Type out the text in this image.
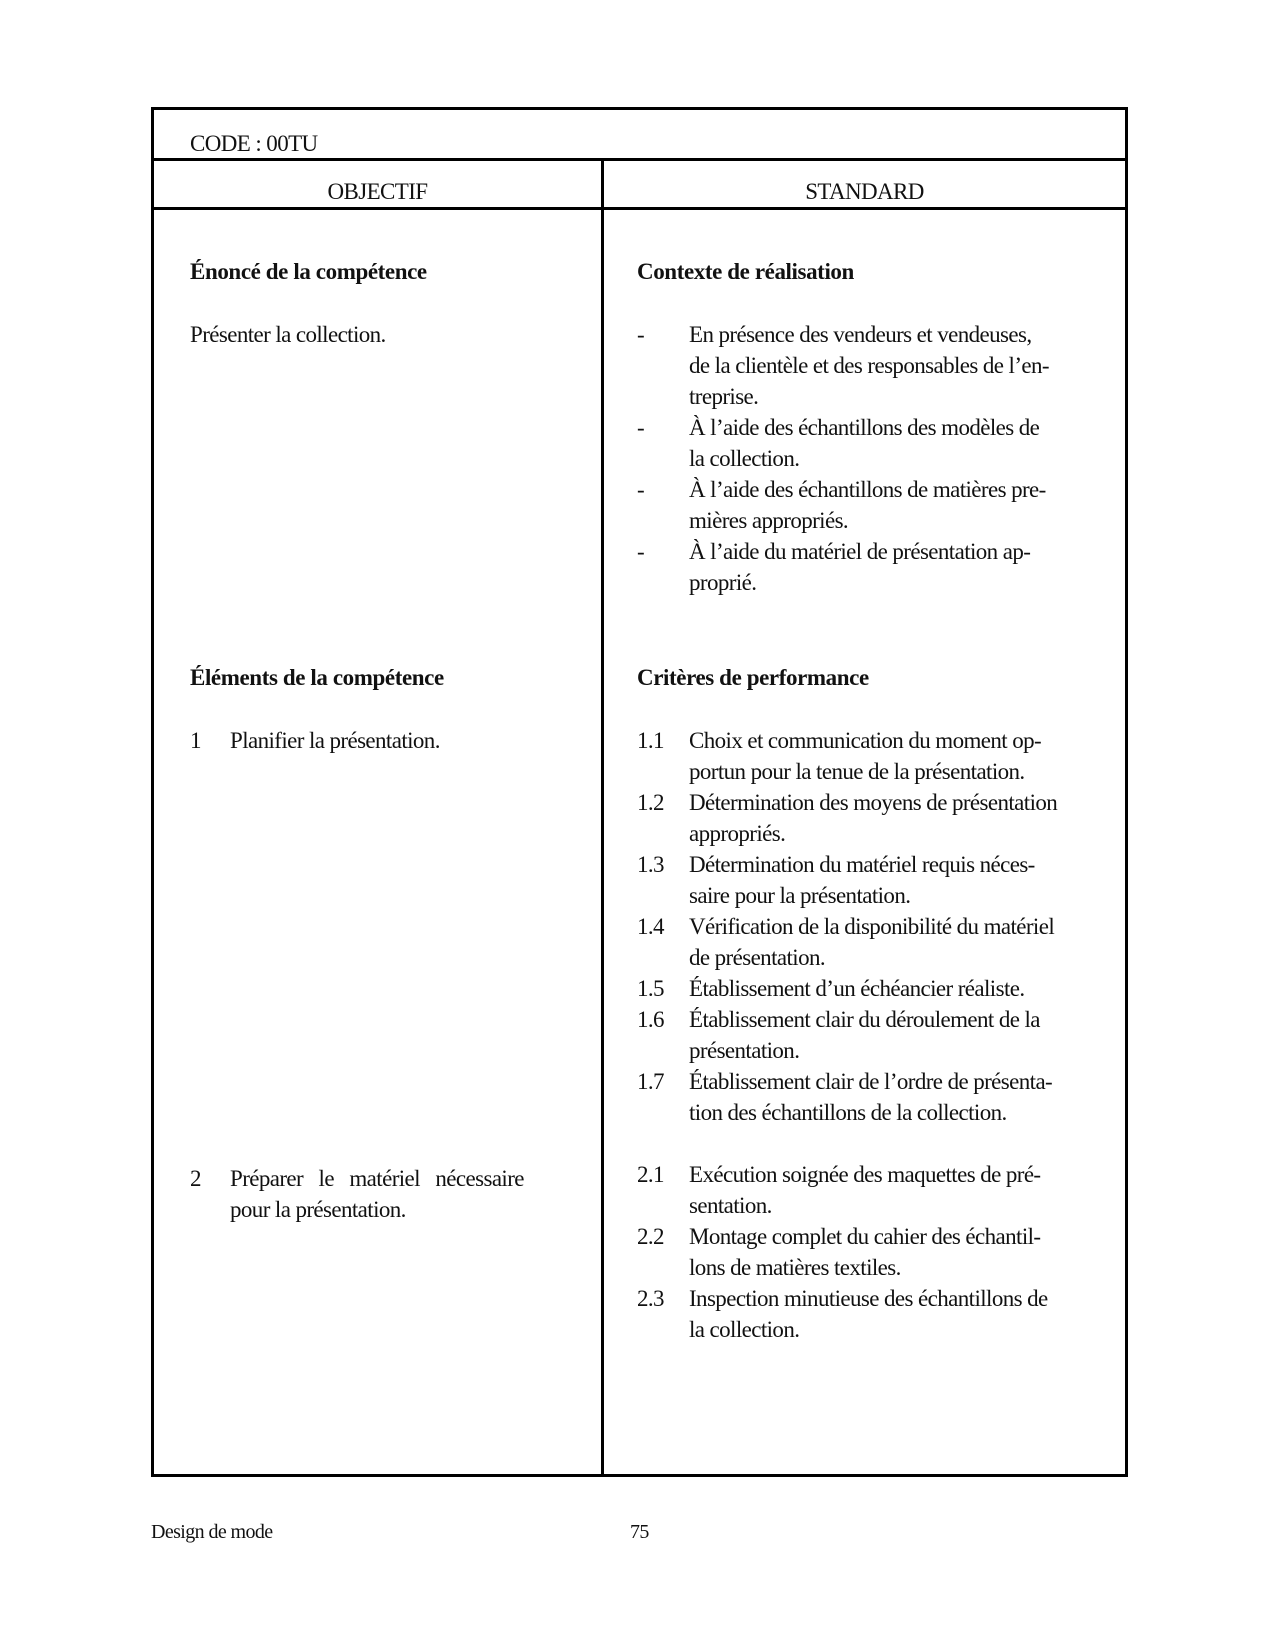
CODE : 00TU
OBJECTIF	STANDARD
Énoncé de la compétence
Présenter la collection.
Éléments de la compétence
1 Planifier la présentation.
2 Préparer   le   matériel   nécessaire
pour la présentation.
Contexte de réalisation
- En présence des vendeurs et vendeuses,
de la clientèle et des responsables de l’en-
treprise.
- À l’aide des échantillons des modèles de
la collection.
- À l’aide des échantillons de matières pre-
mières appropriés.
- À l’aide du matériel de présentation ap-
proprié.
Critères de performance
1.1 Choix et communication du moment op-
portun pour la tenue de la présentation.
1.2 Détermination des moyens de présentation
appropriés.
1.3 Détermination du matériel requis néces-
saire pour la présentation.
1.4 Vérification de la disponibilité du matériel
de présentation.
1.5 Établissement d’un échéancier réaliste.
1.6 Établissement clair du déroulement de la
présentation.
1.7 Établissement clair de l’ordre de présenta-
tion des échantillons de la collection.
2.1 Exécution soignée des maquettes de pré-
sentation.
2.2 Montage complet du cahier des échantil-
lons de matières textiles.
2.3 Inspection minutieuse des échantillons de
la collection.
Design de mode	75
